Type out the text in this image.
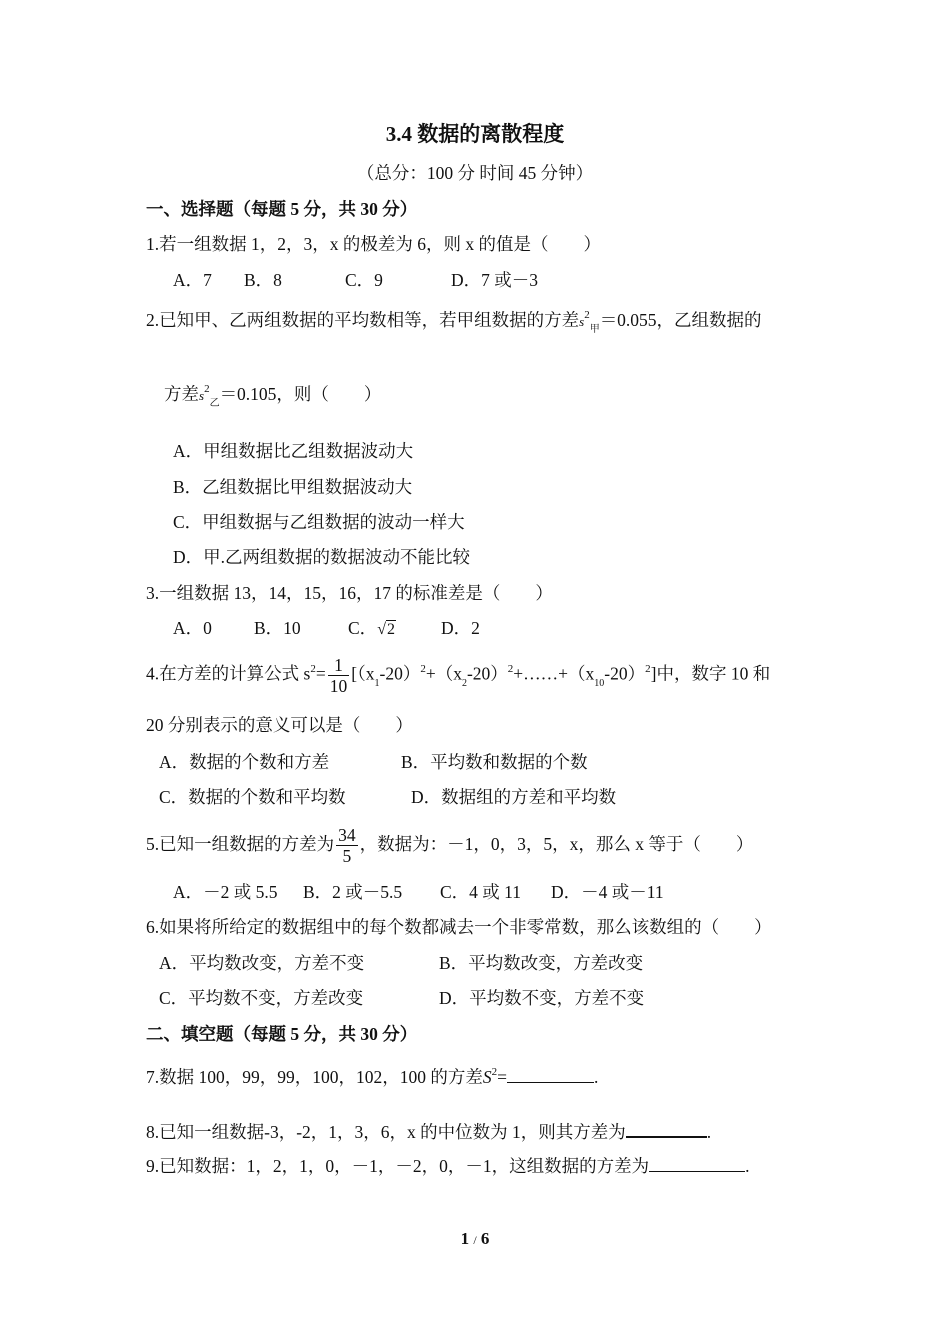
3.4 数据的离散程度
（总分：100 分 时间 45 分钟）
一、选择题（每题 5 分，共 30 分）
1.若一组数据 1，2，3，x 的极差为 6，则 x 的值是（　　）
A．7 B．8	C．9	D．7 或－3
2.已知甲、乙两组数据的平均数相等，若甲组数据的方差$s^2_甲=0.055$，乙组数据的
方差$s^2_乙=0.105$，则（　　）
A．甲组数据比乙组数据波动大
B．乙组数据比甲组数据波动大
C．甲组数据与乙组数据的波动一样大
D．甲.乙两组数据的数据波动不能比较
3.一组数据 13，14，15，16，17 的标准差是（　　）
A．0 B．10	C．√2	D．2
4.在方差的计算公式 $s^2= \frac{1}{10}$ $[(x_1-20)^2+(x_2-20)^2+\dots\dots+(x_{10}-20)^2]$中，数字 10 和
20 分别表示的意义可以是（　　）
A．数据的个数和方差	B．平均数和数据的个数
C．数据的个数和平均数	D．数据组的方差和平均数
5.已知一组数据的方差为 $\frac{34}{5}$ ，数据为：－1，0，3，5，x，那么 x 等于（　　）
A．－2 或 5.5 B．2 或－5.5 C．4 或 11 D．－4 或－11
6.如果将所给定的数据组中的每个数都减去一个非零常数，那么该数组的（　　）
A．平均数改变，方差不变	B．平均数改变，方差改变
C．平均数不变，方差改变	D．平均数不变，方差不变
二、填空题（每题 5 分，共 30 分）
7.数据 100，99，99，100，102，100 的方差$S^2=$	.
8.已知一组数据-3，-2，1，3，6，x 的中位数为 1，则其方差为	.
9.已知数据：1，2，1，0，－1，－2，0，－1，这组数据的方差为	.
1 / 6
